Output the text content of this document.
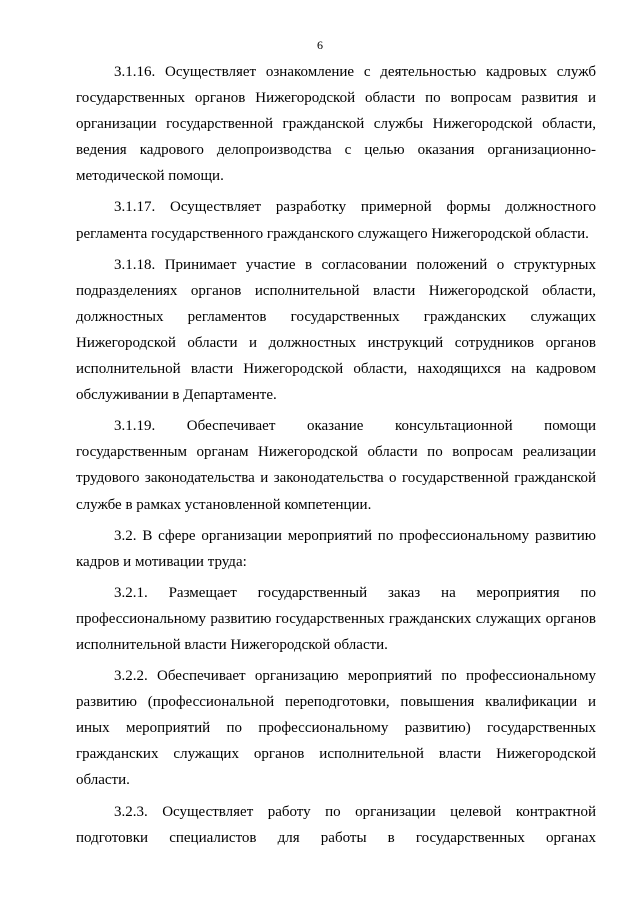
6

3.1.16. Осуществляет ознакомление с деятельностью кадровых служб государственных органов Нижегородской области по вопросам развития и организации государственной гражданской службы Нижегородской области, ведения кадрового делопроизводства с целью оказания организационно-методической помощи.

3.1.17. Осуществляет разработку примерной формы должностного регламента государственного гражданского служащего Нижегородской области.

3.1.18. Принимает участие в согласовании положений о структурных подразделениях органов исполнительной власти Нижегородской области, должностных регламентов государственных гражданских служащих Нижегородской области и должностных инструкций сотрудников органов исполнительной власти Нижегородской области, находящихся на кадровом обслуживании в Департаменте.

3.1.19. Обеспечивает оказание консультационной помощи государственным органам Нижегородской области по вопросам реализации трудового законодательства и законодательства о государственной гражданской службе в рамках установленной компетенции.

3.2. В сфере организации мероприятий по профессиональному развитию кадров и мотивации труда:

3.2.1. Размещает государственный заказ на мероприятия по профессиональному развитию государственных гражданских служащих органов исполнительной власти Нижегородской области.

3.2.2. Обеспечивает организацию мероприятий по профессиональному развитию (профессиональной переподготовки, повышения квалификации и иных мероприятий по профессиональному развитию) государственных гражданских служащих органов исполнительной власти Нижегородской области.

3.2.3. Осуществляет работу по организации целевой контрактной подготовки специалистов для работы в государственных органах
